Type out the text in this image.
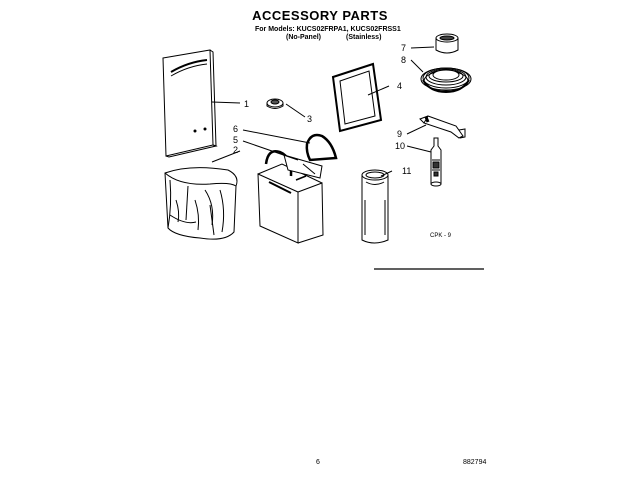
ACCESSORY PARTS
For Models: KUCS02FRPA1, KUCS02FRSS1
(No-Panel)	(Stainless)
1
2
3
4
5
6
7
8
9
10
11
CPK - 9
6	882794
